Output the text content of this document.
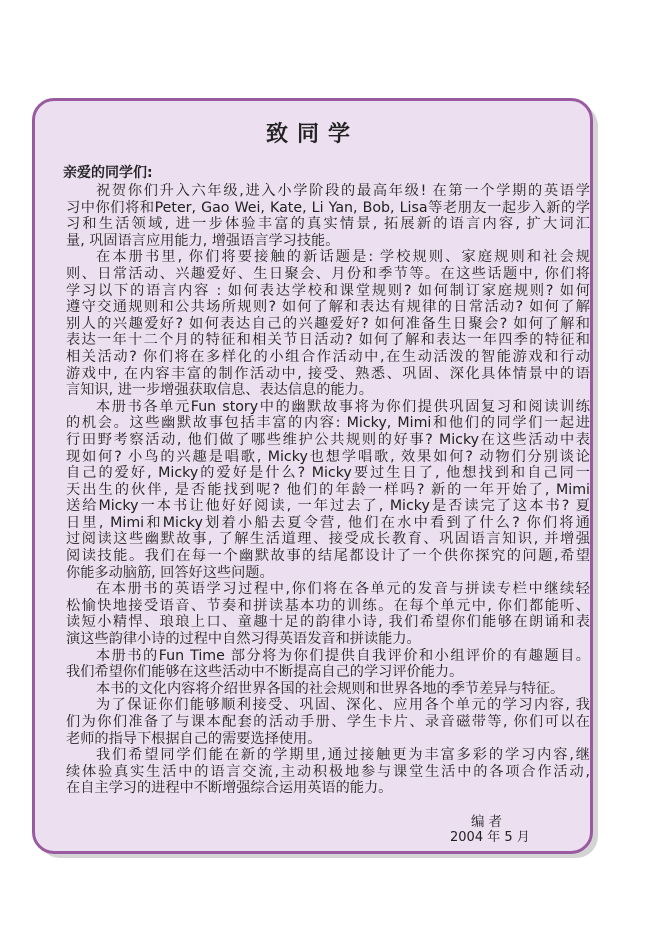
致同学
亲爱的同学们:
祝贺你们升入六年级,进入小学阶段的最高年级! 在第一个学期的英语学
习中你们将和Peter, Gao Wei, Kate, Li Yan, Bob, Lisa等老朋友一起步入新的学
习和生活领域, 进一步体验丰富的真实情景, 拓展新的语言内容, 扩大词汇
量, 巩固语言应用能力, 增强语言学习技能。
在本册书里, 你们将要接触的新话题是: 学校规则、家庭规则和社会规
则、日常活动、兴趣爱好、生日聚会、月份和季节等。在这些话题中, 你们将
学习以下的语言内容 : 如何表达学校和课堂规则? 如何制订家庭规则? 如何
遵守交通规则和公共场所规则? 如何了解和表达有规律的日常活动? 如何了解
别人的兴趣爱好? 如何表达自己的兴趣爱好? 如何准备生日聚会? 如何了解和
表达一年十二个月的特征和相关节日活动? 如何了解和表达一年四季的特征和
相关活动? 你们将在多样化的小组合作活动中,在生动活泼的智能游戏和行动
游戏中, 在内容丰富的制作活动中, 接受、熟悉、巩固、深化具体情景中的语
言知识, 进一步增强获取信息、表达信息的能力。
本册书各单元Fun story中的幽默故事将为你们提供巩固复习和阅读训练
的机会。这些幽默故事包括丰富的内容: Micky, Mimi和他们的同学们一起进
行田野考察活动, 他们做了哪些维护公共规则的好事? Micky在这些活动中表
现如何? 小鸟的兴趣是唱歌, Micky也想学唱歌, 效果如何? 动物们分别谈论
自己的爱好, Micky的爱好是什么? Micky要过生日了, 他想找到和自己同一
天出生的伙伴, 是否能找到呢? 他们的年龄一样吗? 新的一年开始了, Mimi
送给Micky一本书让他好好阅读, 一年过去了, Micky是否读完了这本书? 夏
日里, Mimi和Micky划着小船去夏令营, 他们在水中看到了什么? 你们将通
过阅读这些幽默故事, 了解生活道理、接受成长教育、巩固语言知识, 并增强
阅读技能。我们在每一个幽默故事的结尾都设计了一个供你探究的问题,希望
你能多动脑筋, 回答好这些问题。
在本册书的英语学习过程中,你们将在各单元的发音与拼读专栏中继续轻
松愉快地接受语音、节奏和拼读基本功的训练。在每个单元中, 你们都能听、
读短小精悍、琅琅上口、童趣十足的韵律小诗, 我们希望你们能够在朗诵和表
演这些韵律小诗的过程中自然习得英语发音和拼读能力。
本册书的Fun Time 部分将为你们提供自我评价和小组评价的有趣题目。
我们希望你们能够在这些活动中不断提高自己的学习评价能力。
本书的文化内容将介绍世界各国的社会规则和世界各地的季节差异与特征。
为了保证你们能够顺利接受、巩固、深化、应用各个单元的学习内容, 我
们为你们准备了与课本配套的活动手册、学生卡片、录音磁带等, 你们可以在
老师的指导下根据自己的需要选择使用。
我们希望同学们能在新的学期里,通过接触更为丰富多彩的学习内容,继
续体验真实生活中的语言交流,主动积极地参与课堂生活中的各项合作活动,
在自主学习的进程中不断增强综合运用英语的能力。
编者
2004 年 5 月
